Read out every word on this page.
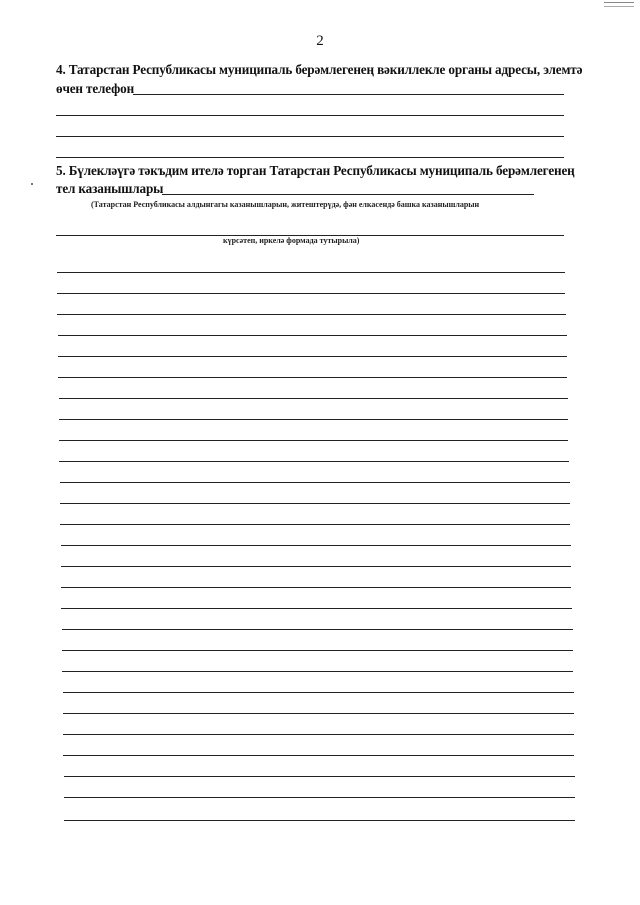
2
4. Татарстан Республикасы муниципаль берәмлегенең вәкиллекле органы адресы, элемтә
өчен телефон
5. Бүлекләүгә тәкъдим ителә торган Татарстан Республикасы муниципаль берәмлегенең
тел казанышлары
(Татарстан Республикасы алдынгагы казанышларын, житештерүдә, фән елкасендә башка казанышларын
күрсәтеп, иркелә формада тутырыла)
